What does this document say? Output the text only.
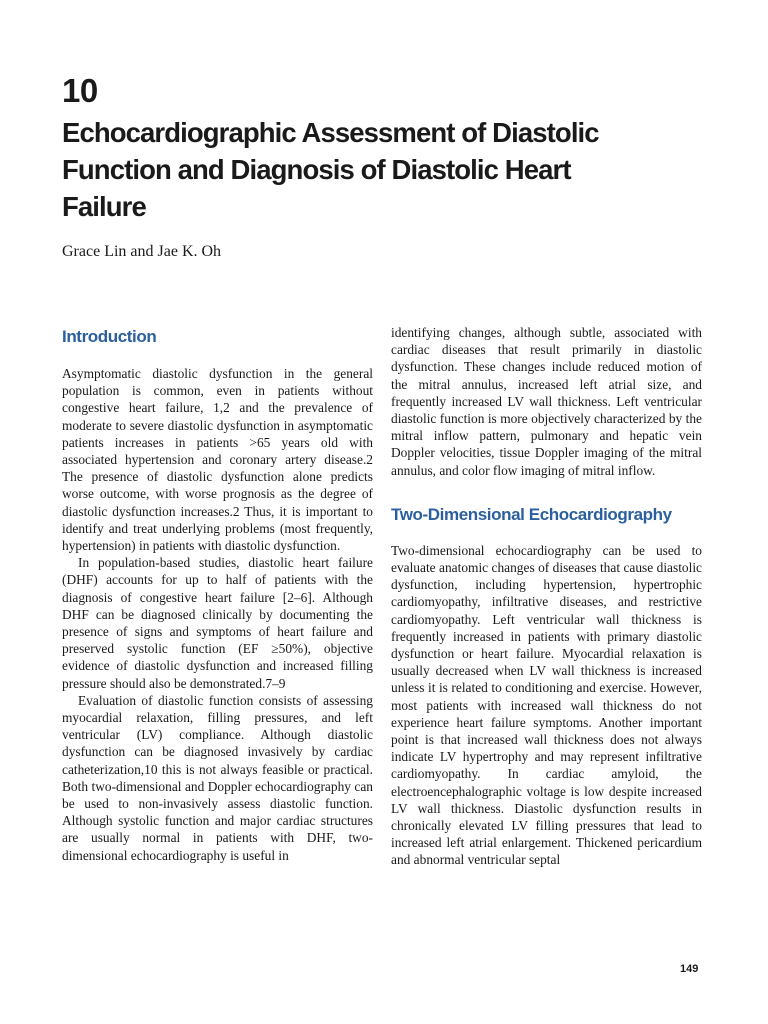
10
Echocardiographic Assessment of Diastolic Function and Diagnosis of Diastolic Heart Failure
Grace Lin and Jae K. Oh
Introduction

Asymptomatic diastolic dysfunction in the general population is common, even in patients without congestive heart failure, 1,2 and the prevalence of moderate to severe diastolic dysfunction in asymptomatic patients increases in patients >65 years old with associated hypertension and coronary artery disease.2 The presence of diastolic dysfunction alone predicts worse outcome, with worse prognosis as the degree of diastolic dysfunction increases.2 Thus, it is important to identify and treat underlying problems (most frequently, hypertension) in patients with diastolic dysfunction.

In population-based studies, diastolic heart failure (DHF) accounts for up to half of patients with the diagnosis of congestive heart failure [2–6]. Although DHF can be diagnosed clinically by documenting the presence of signs and symptoms of heart failure and preserved systolic function (EF ≥50%), objective evidence of diastolic dysfunction and increased filling pressure should also be demonstrated.7–9

Evaluation of diastolic function consists of assessing myocardial relaxation, filling pressures, and left ventricular (LV) compliance. Although diastolic dysfunction can be diagnosed invasively by cardiac catheterization,10 this is not always feasible or practical. Both two-dimensional and Doppler echocardiography can be used to non-invasively assess diastolic function. Although systolic function and major cardiac structures are usually normal in patients with DHF, two-dimensional echocardiography is useful in

identifying changes, although subtle, associated with cardiac diseases that result primarily in diastolic dysfunction. These changes include reduced motion of the mitral annulus, increased left atrial size, and frequently increased LV wall thickness. Left ventricular diastolic function is more objectively characterized by the mitral inflow pattern, pulmonary and hepatic vein Doppler velocities, tissue Doppler imaging of the mitral annulus, and color flow imaging of mitral inflow.

Two-Dimensional Echocardiography

Two-dimensional echocardiography can be used to evaluate anatomic changes of diseases that cause diastolic dysfunction, including hypertension, hypertrophic cardiomyopathy, infiltrative diseases, and restrictive cardiomyopathy. Left ventricular wall thickness is frequently increased in patients with primary diastolic dysfunction or heart failure. Myocardial relaxation is usually decreased when LV wall thickness is increased unless it is related to conditioning and exercise. However, most patients with increased wall thickness do not experience heart failure symptoms. Another important point is that increased wall thickness does not always indicate LV hypertrophy and may represent infiltrative cardiomyopathy. In cardiac amyloid, the electroencephalographic voltage is low despite increased LV wall thickness. Diastolic dysfunction results in chronically elevated LV filling pressures that lead to increased left atrial enlargement. Thickened pericardium and abnormal ventricular septal

149
